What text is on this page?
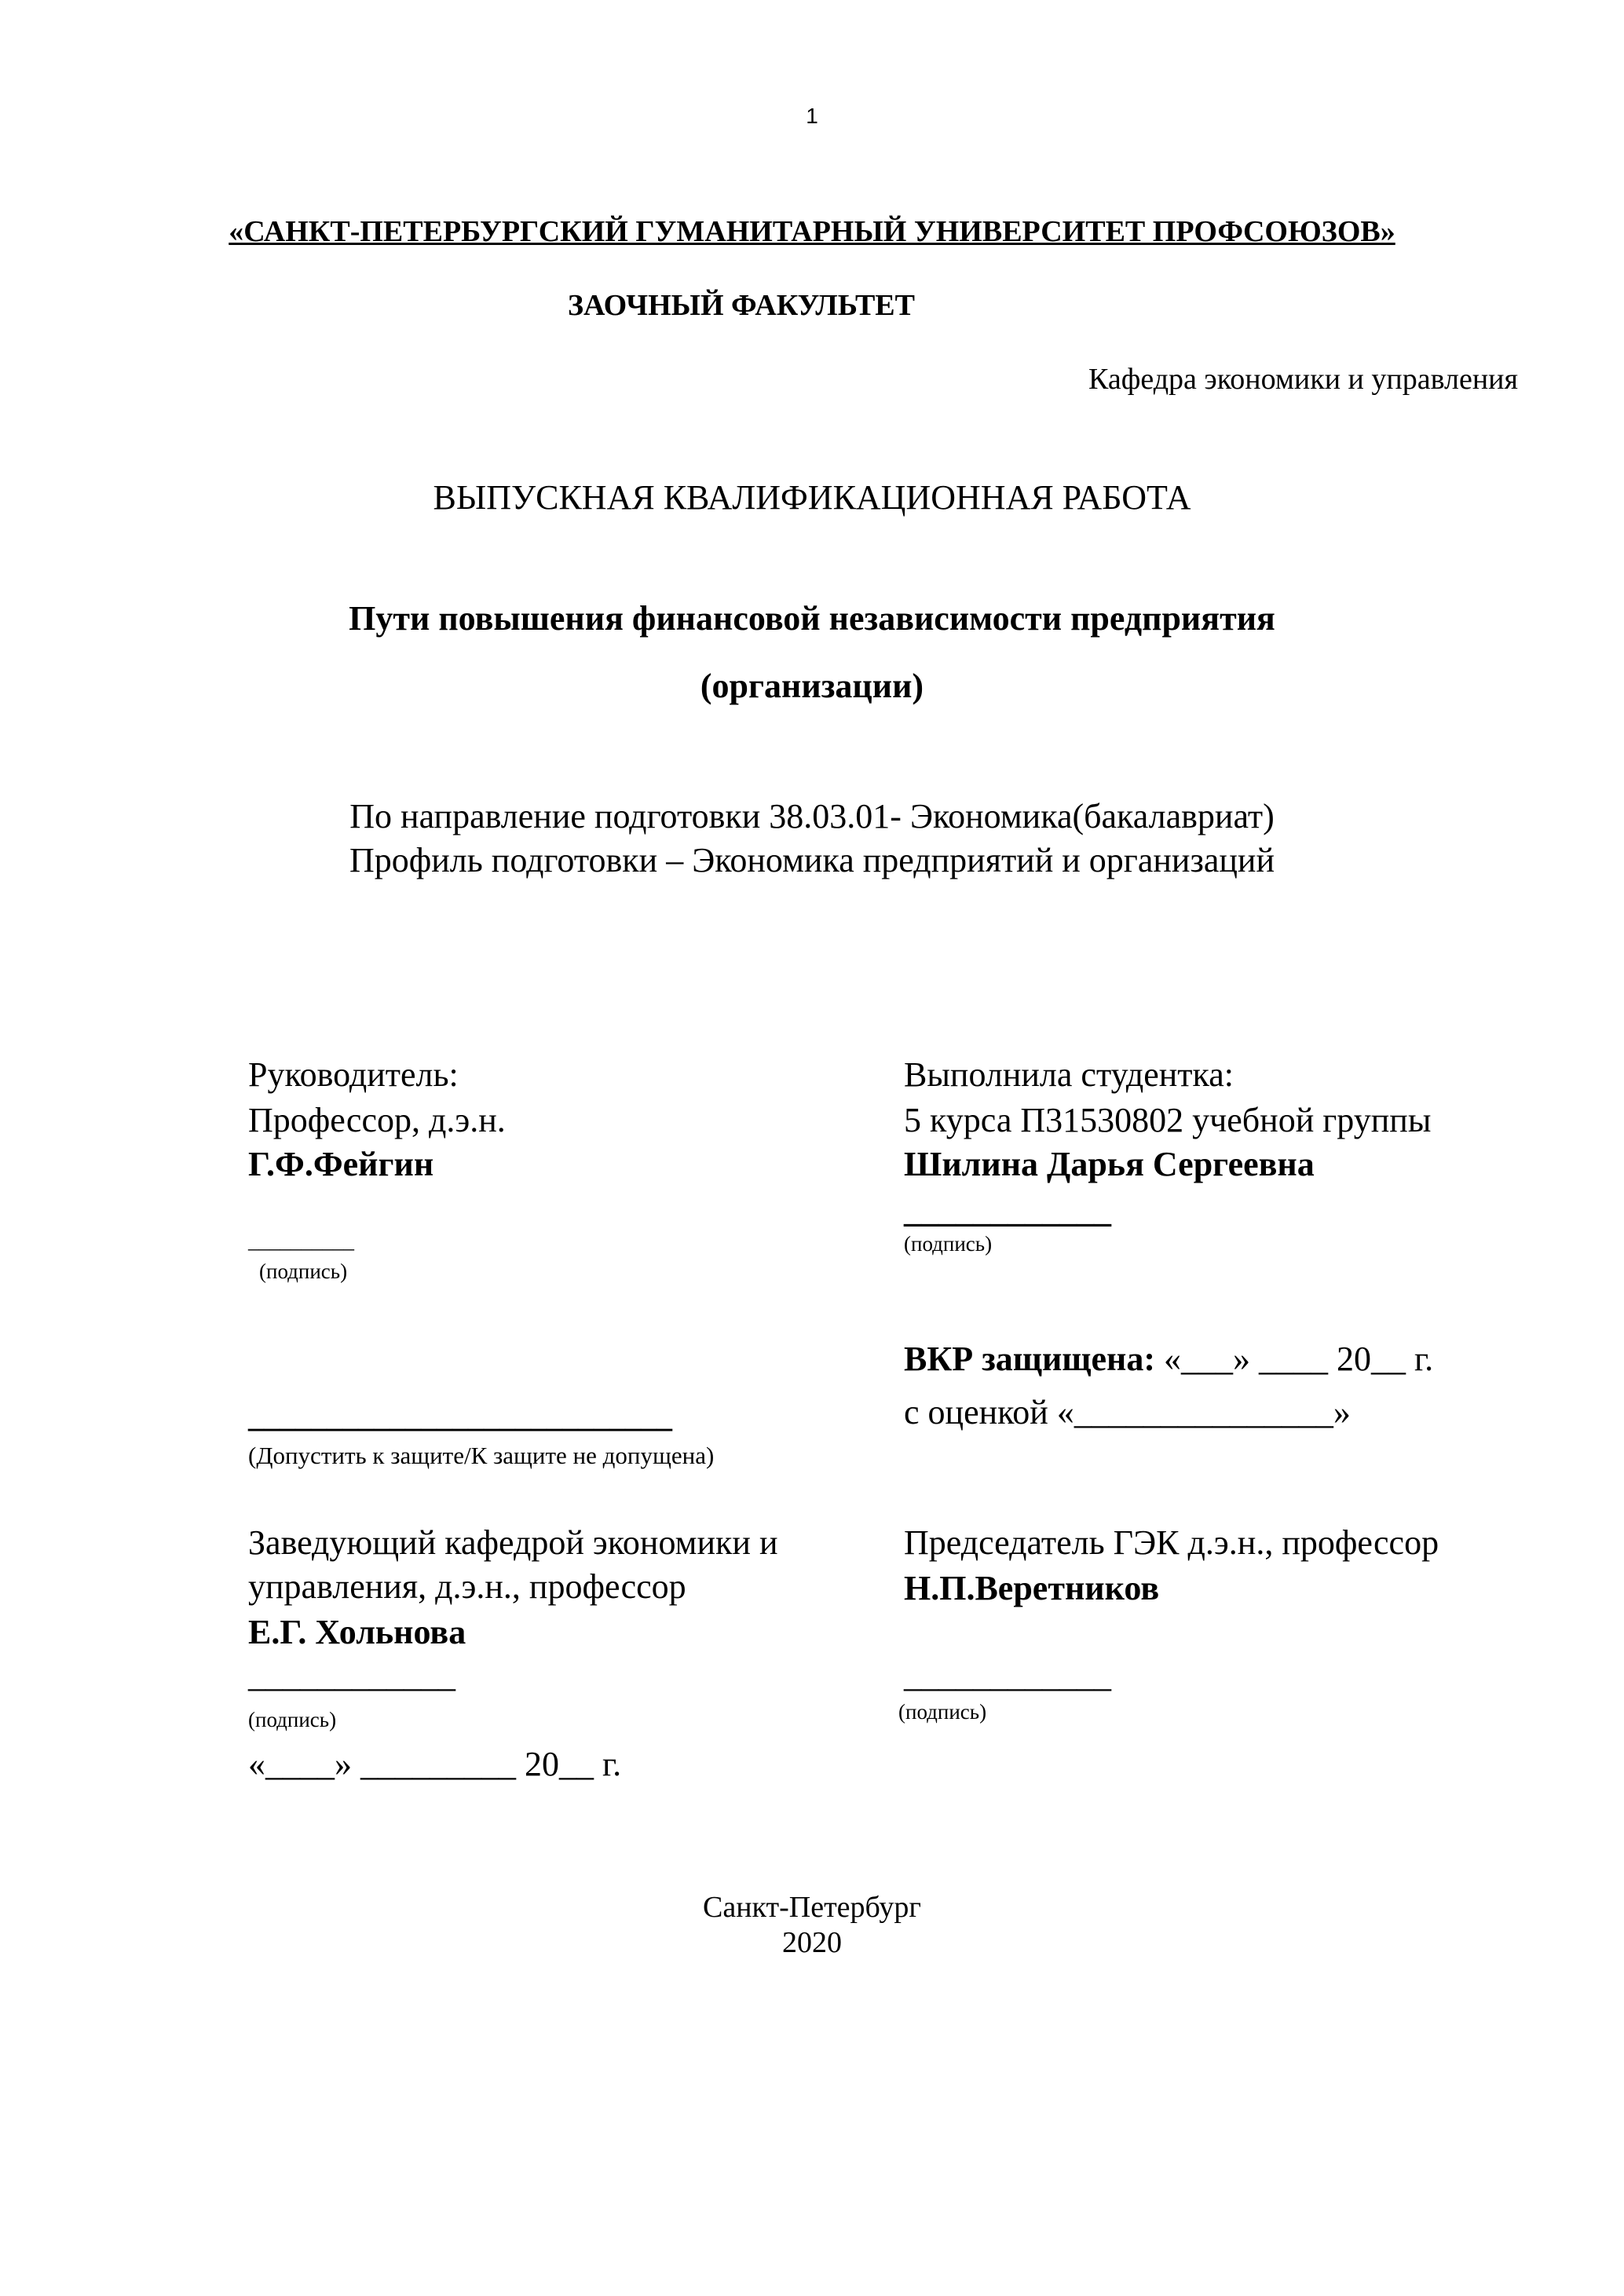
1
«САНКТ-ПЕТЕРБУРГСКИЙ ГУМАНИТАРНЫЙ УНИВЕРСИТЕТ ПРОФСОЮЗОВ»
ЗАОЧНЫЙ ФАКУЛЬТЕТ
Кафедра экономики и управления
ВЫПУСКНАЯ КВАЛИФИКАЦИОННАЯ РАБОТА
Пути повышения финансовой независимости предприятия
(организации)
По направление подготовки 38.03.01- Экономика(бакалавриат)
Профиль подготовки – Экономика предприятий и организаций
Руководитель:
Профессор, д.э.н.
Г.Ф.Фейгин
__________
(подпись)
Выполнила студентка:
5 курса П31530802 учебной группы
Шилина Дарья Сергеевна
____________
(подпись)
ВКР защищена: «___» ____ 20__ г.
с оценкой «_______________»
___________________________
(Допустить к защите/К защите не допущена)
Заведующий кафедрой экономики и
управления, д.э.н., профессор
Е.Г. Хольнова
____________
(подпись)
«____» _________ 20__ г.
Председатель ГЭК д.э.н., профессор
Н.П.Веретников
____________
(подпись)
Санкт-Петербург
2020
